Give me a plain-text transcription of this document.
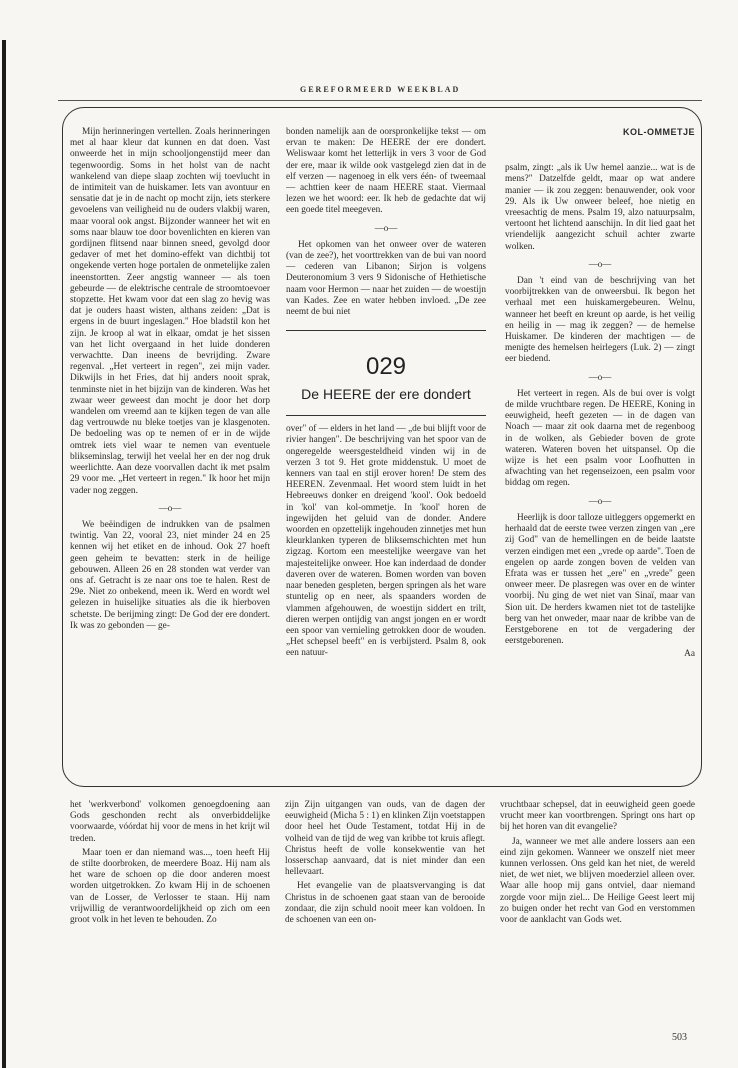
GEREFORMEERD WEEKBLAD

Mijn herinneringen vertellen. Zoals herinneringen met al haar kleur dat kunnen en dat doen. Vast onweerde het in mijn schooljongenstijd meer dan tegenwoordig. Soms in het holst van de nacht wankelend van diepe slaap zochten wij toevlucht in de intimiteit van de huiskamer. Iets van avontuur en sensatie dat je in de nacht op mocht zijn, iets sterkere gevoelens van veiligheid nu de ouders vlakbij waren, maar vooral ook angst. Bijzonder wanneer het wit en soms naar blauw toe door bovenlichten en kieren van gordijnen flitsend naar binnen sneed, gevolgd door gedaver of met het domino-effekt van dichtbij tot ongekende verten hoge portalen de onmetelijke zalen ineenstortten. Zeer angstig wanneer — als toen gebeurde — de elektrische centrale de stroomtoevoer stopzette. Het kwam voor dat een slag zo hevig was dat je ouders haast wisten, althans zeiden: „Dat is ergens in de buurt ingeslagen." Hoe bladstil kon het zijn. Je kroop al wat in elkaar, omdat je het sissen van het licht overgaand in het luide donderen verwachtte. Dan ineens de bevrijding. Zware regenval. „Het verteert in regen", zei mijn vader. Dikwijls in het Fries, dat hij anders nooit sprak, tenminste niet in het bijzijn van de kinderen. Was het zwaar weer geweest dan mocht je door het dorp wandelen om vreemd aan te kijken tegen de van alle dag vertrouwde nu bleke toetjes van je klasgenoten. De bedoeling was op te nemen of er in de wijde omtrek iets viel waar te nemen van eventuele blikseminslag, terwijl het veelal her en der nog druk weerlichtte. Aan deze voorvallen dacht ik met psalm 29 voor me. „Het verteert in regen." Ik hoor het mijn vader nog zeggen.

—o—

We beëindigen de indrukken van de psalmen twintig. Van 22, vooral 23, niet minder 24 en 25 kennen wij het etiket en de inhoud. Ook 27 hoeft geen geheim te bevatten: sterk in de heilige gebouwen. Alleen 26 en 28 stonden wat verder van ons af. Getracht is ze naar ons toe te halen. Rest de 29e. Niet zo onbekend, meen ik. Werd en wordt wel gelezen in huiselijke situaties als die ik hierboven schetste. De berijming zingt: De God der ere dondert. Ik was zo gebonden — ge-

bonden namelijk aan de oorspronkelijke tekst — om ervan te maken: De HEERE der ere dondert. Weliswaar komt het letterlijk in vers 3 voor de God der ere, maar ik wilde ook vastgelegd zien dat in de elf verzen — nagenoeg in elk vers één- of tweemaal — achttien keer de naam HEERE staat. Viermaal lezen we het woord: eer. Ik heb de gedachte dat wij een goede titel meegeven.

—o—

Het opkomen van het onweer over de wateren (van de zee?), het voorttrekken van de bui van noord — cederen van Libanon; Sirjon is volgens Deuteronomium 3 vers 9 Sidonische of Hethietische naam voor Hermon — naar het zuiden — de woestijn van Kades. Zee en water hebben invloed. „De zee neemt de bui niet

029
De HEERE der ere dondert

over" of — elders in het land — „de bui blijft voor de rivier hangen". De beschrijving van het spoor van de ongeregelde weersgesteldheid vinden wij in de verzen 3 tot 9. Het grote middenstuk. U moet de kenners van taal en stijl erover horen! De stem des HEEREN. Zevenmaal. Het woord stem luidt in het Hebreeuws donker en dreigend 'kool'. Ook bedoeld in 'kol' van kol-ommetje. In 'kool' horen de ingewijden het geluid van de donder. Andere woorden en opzettelijk ingehouden zinnetjes met hun kleurklanken typeren de bliksemschichten met hun zigzag. Kortom een meestelijke weergave van het majesteitelijke onweer. Hoe kan inderdaad de donder daveren over de wateren. Bomen worden van boven naar beneden gespleten, bergen springen als het ware stuntelig op en neer, als spaanders worden de vlammen afgehouwen, de woestijn siddert en trilt, dieren werpen ontijdig van angst jongen en er wordt een spoor van vernieling getrokken door de wouden. „Het schepsel beeft" en is verbijsterd. Psalm 8, ook een natuur-

KOL-OMMETJE

psalm, zingt: „als ik Uw hemel aanzie... wat is de mens?" Datzelfde geldt, maar op wat andere manier — ik zou zeggen: benauwender, ook voor 29. Als ik Uw onweer beleef, hoe nietig en vreesachtig de mens. Psalm 19, alzo natuurpsalm, vertoont het lichtend aanschijn. In dit lied gaat het vriendelijk aangezicht schuil achter zwarte wolken.

—o—

Dan 't eind van de beschrijving van het voorbijtrekken van de onweersbui. Ik begon het verhaal met een huiskamergebeuren. Welnu, wanneer het beeft en kreunt op aarde, is het veilig en heilig in — mag ik zeggen? — de hemelse Huiskamer. De kinderen der machtigen — de menigte des hemelsen heirlegers (Luk. 2) — zingt eer biedend.

—o—

Het verteert in regen. Als de bui over is volgt de milde vruchtbare regen. De HEERE, Koning in eeuwigheid, heeft gezeten — in de dagen van Noach — maar zit ook daarna met de regenboog in de wolken, als Gebieder boven de grote wateren. Wateren boven het uitspansel. Op die wijze is het een psalm voor Loofhutten in afwachting van het regenseizoen, een psalm voor biddag om regen.

—o—

Heerlijk is door talloze uitleggers opgemerkt en herhaald dat de eerste twee verzen zingen van „ere zij God" van de hemellingen en de beide laatste verzen eindigen met een „vrede op aarde". Toen de engelen op aarde zongen boven de velden van Efrata was er tussen het „ere" en „vrede" geen onweer meer. De plasregen was over en de winter voorbij. Nu ging de wet niet van Sinaï, maar van Sion uit. De herders kwamen niet tot de tastelijke berg van het onweder, maar naar de kribbe van de Eerstgeborene en tot de vergadering der eerstgeborenen.

Aa

het 'werkverbond' volkomen genoegdoening aan Gods geschonden recht als onverbiddelijke voorwaarde, vóórdat hij voor de mens in het krijt wil treden.

Maar toen er dan niemand was..., toen heeft Hij de stilte doorbroken, de meerdere Boaz. Hij nam als het ware de schoen op die door anderen moest worden uitgetrokken. Zo kwam Hij in de schoenen van de Losser, de Verlosser te staan. Hij nam vrijwillig de verantwoordelijkheid op zich om een groot volk in het leven te behouden. Zo

zijn Zijn uitgangen van ouds, van de dagen der eeuwigheid (Micha 5 : 1) en klinken Zijn voetstappen door heel het Oude Testament, totdat Hij in de volheid van de tijd de weg van kribbe tot kruis aflegt. Christus heeft de volle konsekwentie van het losserschap aanvaard, dat is niet minder dan een hellevaart.

Het evangelie van de plaatsvervanging is dat Christus in de schoenen gaat staan van de berooide zondaar, die zijn schuld nooit meer kan voldoen. In de schoenen van een on-

vruchtbaar schepsel, dat in eeuwigheid geen goede vrucht meer kan voortbrengen. Springt ons hart op bij het horen van dit evangelie?

Ja, wanneer we met alle andere lossers aan een eind zijn gekomen. Wanneer we onszelf niet meer kunnen verlossen. Ons geld kan het niet, de wereld niet, de wet niet, we blijven moederziel alleen over. Waar alle hoop mij gans ontviel, daar niemand zorgde voor mijn ziel... De Heilige Geest leert mij zo buigen onder het recht van God en verstommen voor de aanklacht van Gods wet.

503
